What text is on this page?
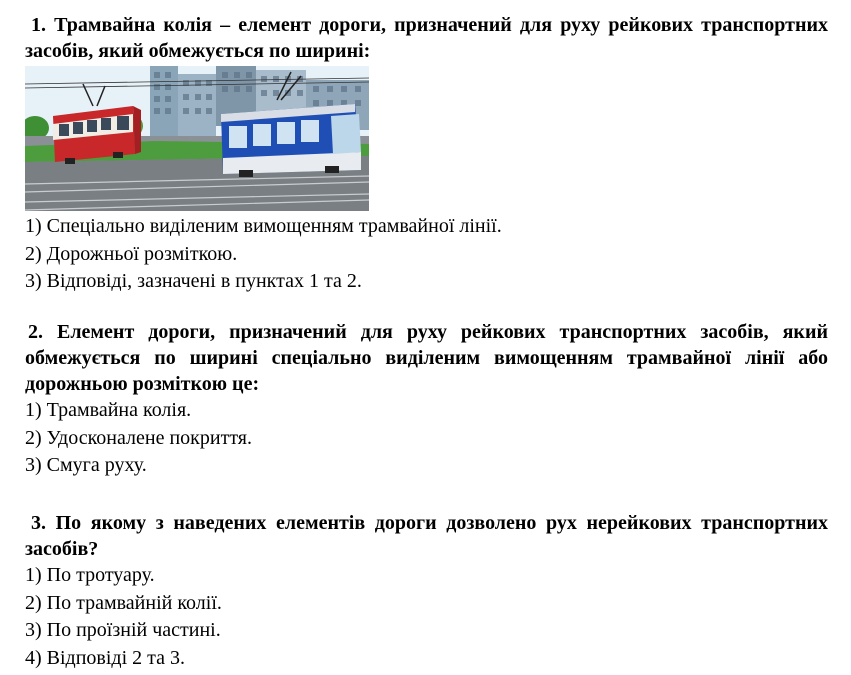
1. Трамвайна колія – елемент дороги, призначений для руху рейкових транспортних засобів, який обмежується по ширині:

1) Спеціально виділеним вимощенням трамвайної лінії.
2) Дорожньої розміткою.
3) Відповіді, зазначені в пунктах 1 та 2.

2. Елемент дороги, призначений для руху рейкових транспортних засобів, який обмежується по ширині спеціально виділеним вимощенням трамвайної лінії або дорожньою розміткою це:

1) Трамвайна колія.
2) Удосконалене покриття.
3) Смуга руху.

3. По якому з наведених елементів дороги дозволено рух нерейкових транспортних засобів?

1) По тротуару.
2) По трамвайній колії.
3) По проїзній частині.
4) Відповіді 2 та 3.
